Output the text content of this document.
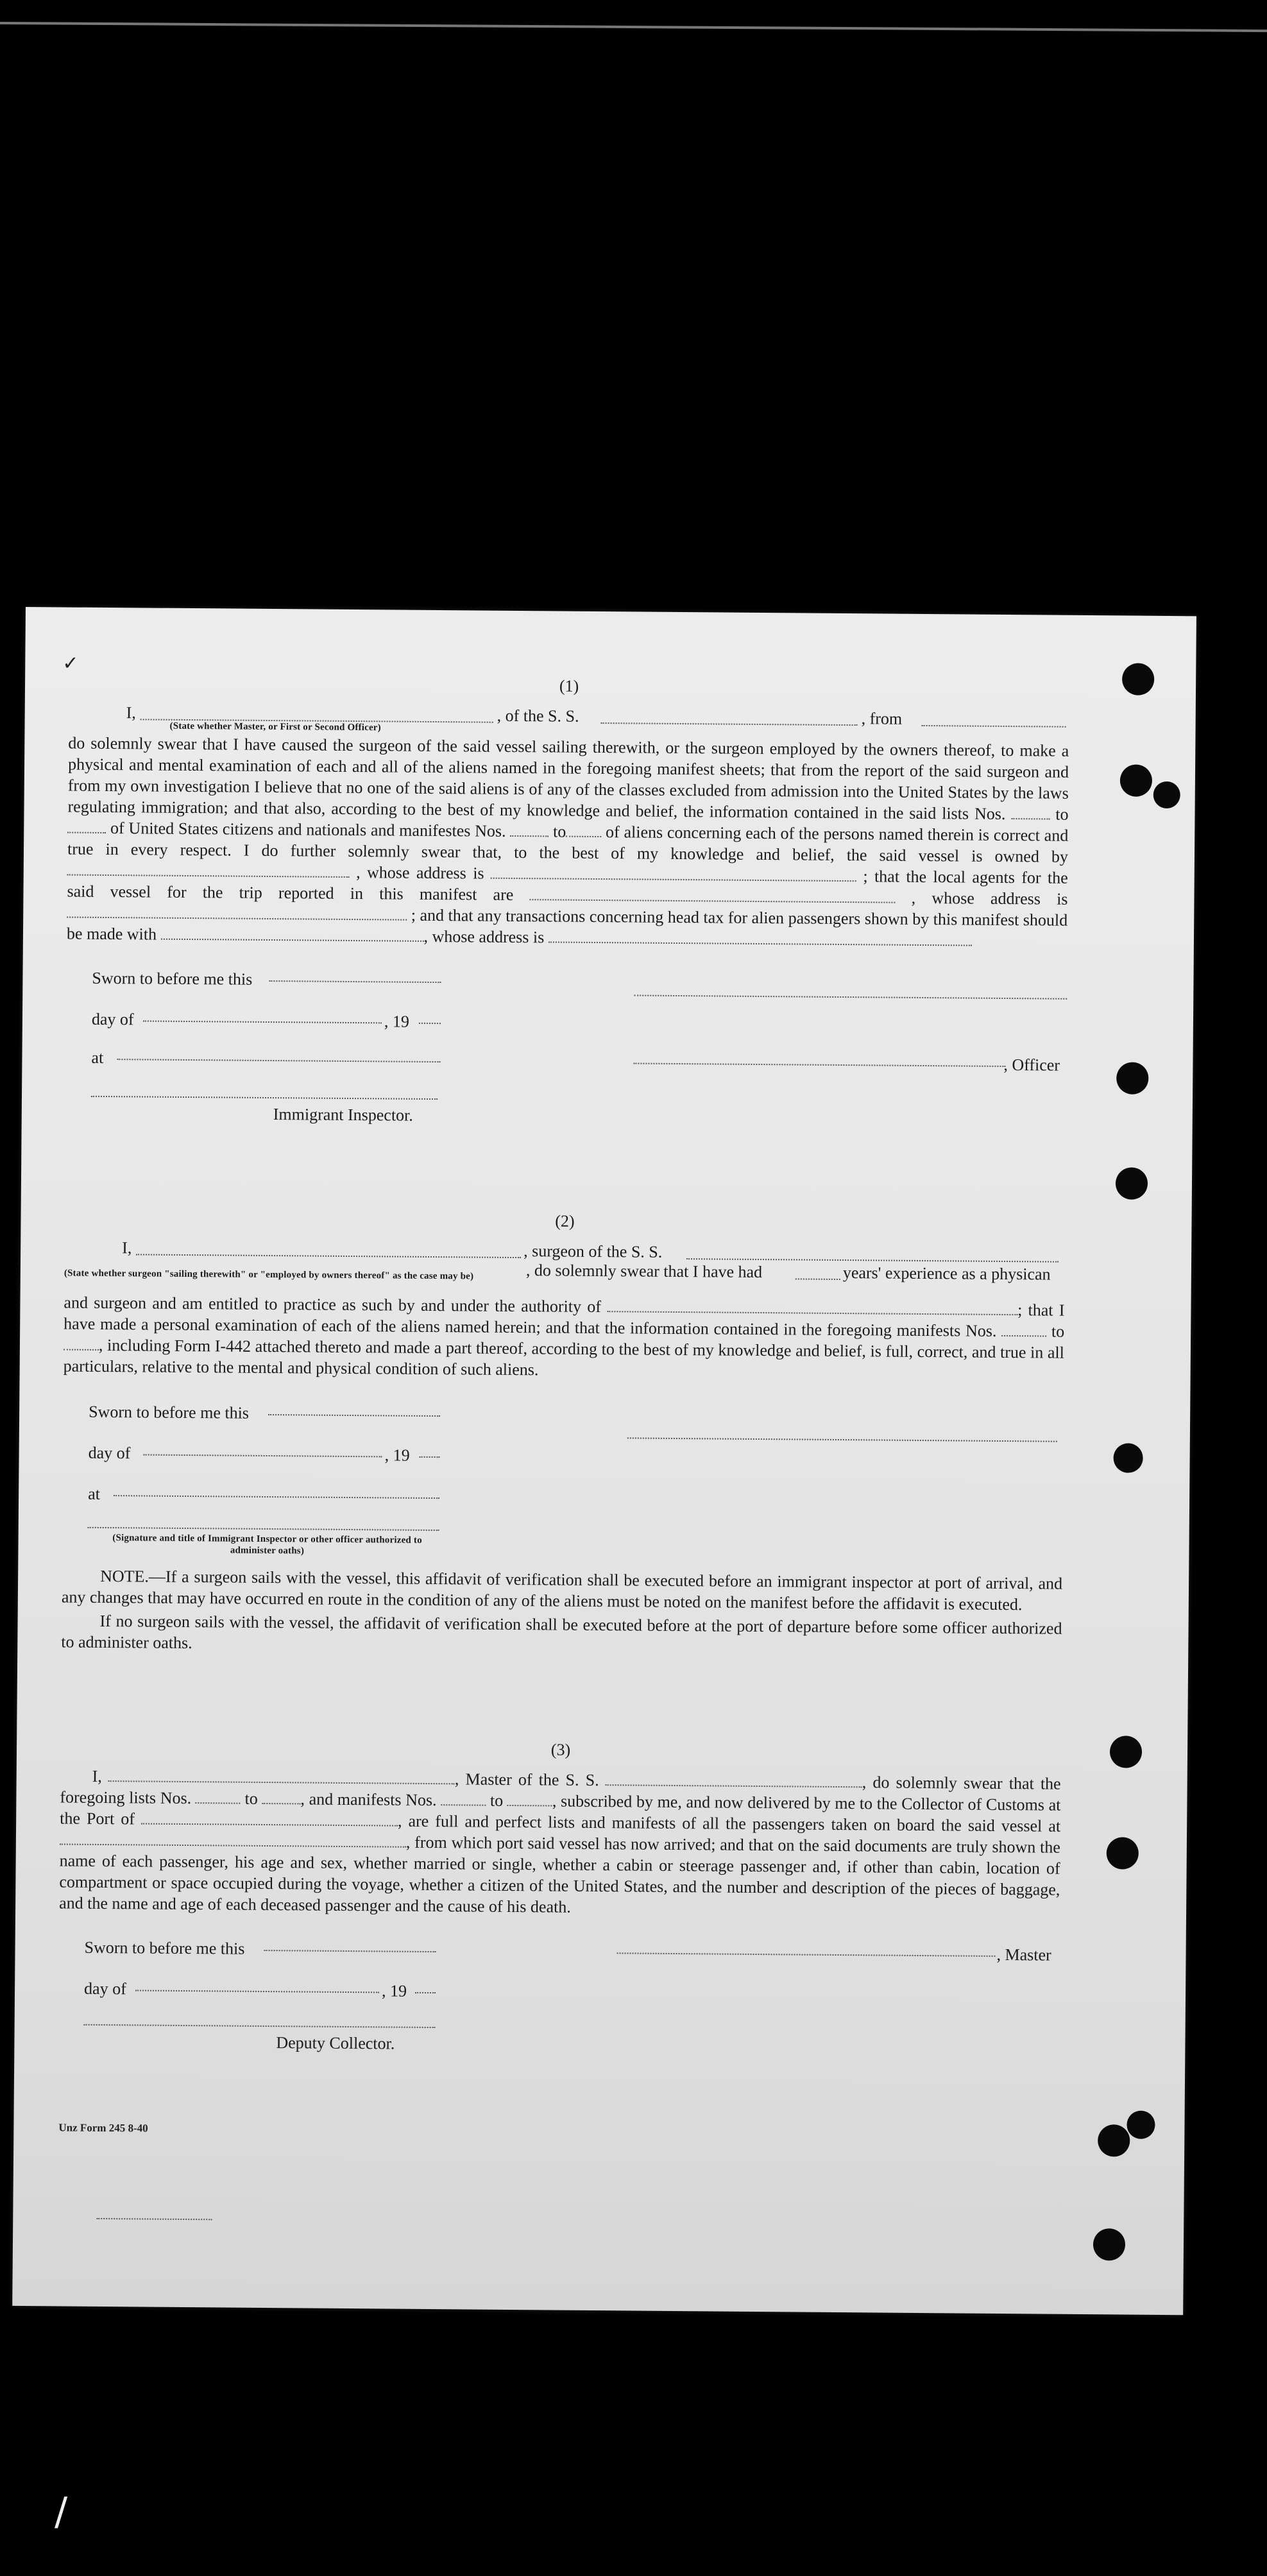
✓
(1)
I,	, of the S. S.	, from
(State whether Master, or First or Second Officer)

do solemnly swear that I have caused the surgeon of the said vessel sailing therewith, or the surgeon employed by the owners thereof, to make a physical and mental examination of each and all of the aliens named in the foregoing manifest sheets; that from the report of the said surgeon and from my own investigation I believe that no one of the said aliens is of any of the classes excluded from admission into the United States by the laws regulating immigration; and that also, according to the best of my knowledge and belief, the information contained in the said lists Nos.	to  of United States citizens and nationals and manifestes Nos.	to of aliens concerning each of the persons named therein is correct and true in every respect. I do further solemnly swear that, to the best of my knowledge and belief, the said vessel is owned by  , whose address is	; that the local agents for the said vessel for the trip reported in this manifest are	, whose address is  ; and that any transactions concerning head tax for alien passengers shown by this manifest should be made with	, whose address is

Sworn to before me this
day of	, 19
at	, Officer
Immigrant Inspector.
(2)
I,	, surgeon of the S. S.
(State whether surgeon "sailing therewith" or "employed by owners thereof" as the case may be)	, do solemnly swear that I have had	years' experience as a physican

and surgeon and am entitled to practice as such by and under the authority of	; that I have made a personal examination of each of the aliens named herein; and that the information contained in the foregoing manifests Nos.	to , including Form I-442 attached thereto and made a part thereof, according to the best of my knowledge and belief, is full, correct, and true in all particulars, relative to the mental and physical condition of such aliens.

Sworn to before me this
day of	, 19
at
(Signature and title of Immigrant Inspector or other officer authorized to administer oaths)

NOTE.—If a surgeon sails with the vessel, this affidavit of verification shall be executed before an immigrant inspector at port of arrival, and any changes that may have occurred en route in the condition of any of the aliens must be noted on the manifest before the affidavit is executed.

If no surgeon sails with the vessel, the affidavit of verification shall be executed before at the port of departure before some officer authorized to administer oaths.

(3)

I,	, Master of the S. S.	, do solemnly swear that the foregoing lists Nos.	to	, and manifests Nos.	to	, subscribed by me, and now delivered by me to the Collector of Customs at the Port of	, are full and perfect lists and manifests of all the passengers taken on board the said vessel at , from which port said vessel has now arrived; and that on the said documents are truly shown the name of each passenger, his age and sex, whether married or single, whether a cabin or steerage passenger and, if other than cabin, location of compartment or space occupied during the voyage, whether a citizen of the United States, and the number and description of the pieces of baggage, and the name and age of each deceased passenger and the cause of his death.

Sworn to before me this	, Master
day of	, 19
Deputy Collector.
Unz Form 245 8-40
/
